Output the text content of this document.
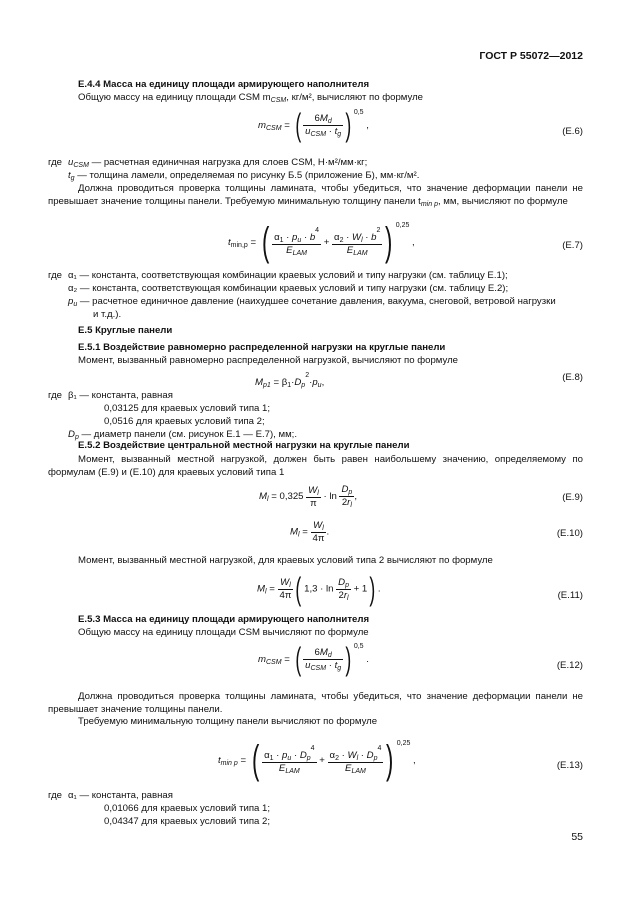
ГОСТ Р 55072—2012
E.4.4 Масса на единицу площади армирующего наполнителя
Общую массу на единицу площади CSM $m_{CSM}$, кг/м², вычисляют по формуле
$m_{CSM}$ = ( $\frac{6M_d}{u_{CSM} \cdot t_g}$ ) $^{0,5}$ ,
(E.6)
где $u_{CSM}$ — расчетная единичная нагрузка для слоев CSM, Н·м²/мм·кг;
$t_g$ — толщина ламели, определяемая по рисунку Б.5 (приложение Б), мм·кг/м².
Должна проводиться проверка толщины ламината, чтобы убедиться, что значение деформации панели не превышает значение толщины панели. Требуемую минимальную толщину панели $t_{min p}$, мм, вычисляют по формуле
$t_{min,p}$ = ( $\frac{\alpha_1 \cdot p_u \cdot b^4}{E_{LAM}} + \frac{\alpha_2 \cdot W_l \cdot b^2}{E_{LAM}}$ ) $^{0,25}$ ,	(E.7)
где α₁ — константа, соответствующая комбинации краевых условий и типу нагрузки (см. таблицу E.1);
α₂ — константа, соответствующая комбинации краевых условий и типу нагрузки (см. таблицу E.2);
$p_u$ — расчетное единичное давление (наихудшее сочетание давления, вакуума, снеговой, ветровой нагрузки
и т.д.).
E.5 Круглые панели
E.5.1 Воздействие равномерно распределенной нагрузки на круглые панели
Момент, вызванный равномерно распределенной нагрузкой, вычисляют по формуле
$M_{p1} = \beta_1\cdot D_p^2\cdot p_u$,	(E.8)
где β₁ — константа, равная
0,03125 для краевых условий типа 1;
0,0516 для краевых условий типа 2;
$D_p$ — диаметр панели (см. рисунок E.1 — E.7), мм;.
E.5.2 Воздействие центральной местной нагрузки на круглые панели
Момент, вызванный местной нагрузкой, должен быть равен наибольшему значению, определяемому по формулам (E.9) и (E.10) для краевых условий типа 1
$M_l = 0,325 \frac{W_l}{\pi} \cdot \ln \frac{D_p}{2r_l}$ ,	(E.9)
$M_l = \frac{W_l}{4\pi}$ .	(E.10)
Момент, вызванный местной нагрузкой, для краевых условий типа 2 вычисляют по формуле
$M_l = \frac{W_l}{4\pi}$ ( $1,3 \cdot \ln \frac{D_p}{2r_l} + 1$) .
(E.11)
E.5.3 Масса на единицу площади армирующего наполнителя
Общую массу на единицу площади CSM вычисляют по формуле
$m_{CSM}$ = ( $\frac{6M_d}{u_{CSM} \cdot t_g}$ ) $^{0,5}$ .
(E.12)
Должна проводиться проверка толщины ламината, чтобы убедиться, что значение деформации панели не превышает значение толщины панели.
Требуемую минимальную толщину панели вычисляют по формуле
$t_{min p}$ = ( $\frac{\alpha_1 \cdot p_u \cdot D_p^4}{E_{LAM}} + \frac{\alpha_2 \cdot W_l \cdot D_p^4}{E_{LAM}}$ ) $^{0,25}$ ,	(E.13)
где α₁ — константа, равная
0,01066 для краевых условий типа 1;
0,04347 для краевых условий типа 2;
55
